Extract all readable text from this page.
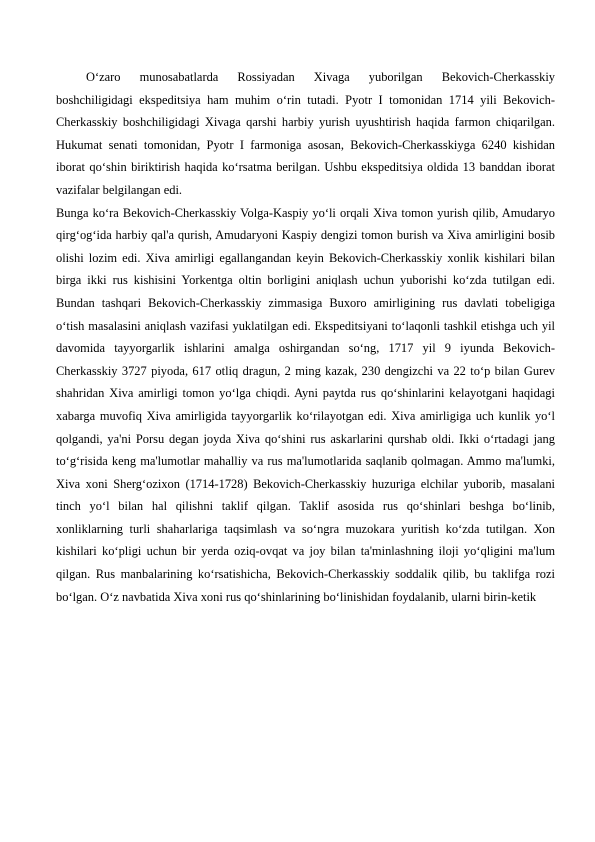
O‘zaro munosabatlarda Rossiyadan Xivaga yuborilgan Bekovich-Cherkasskiy boshchiligidagi ekspeditsiya ham muhim o‘rin tutadi. Pyotr I tomonidan 1714 yili Bekovich-Cherkasskiy boshchiligidagi Xivaga qarshi harbiy yurish uyushtirish haqida farmon chiqarilgan. Hukumat senati tomonidan, Pyotr I farmoniga asosan, Bekovich-Cherkasskiyga 6240 kishidan iborat qo‘shin biriktirish haqida ko‘rsatma berilgan. Ushbu ekspeditsiya oldida 13 banddan iborat vazifalar belgilangan edi.

Bunga ko‘ra Bekovich-Cherkasskiy Volga-Kaspiy yo‘li orqali Xiva tomon yurish qilib, Amudaryo qirg‘og‘ida harbiy qal'a qurish, Amudaryoni Kaspiy dengizi tomon burish va Xiva amirligini bosib olishi lozim edi. Xiva amirligi egallangandan keyin Bekovich-Cherkasskiy xonlik kishilari bilan birga ikki rus kishisini Yorkentga oltin borligini aniqlash uchun yuborishi ko‘zda tutilgan edi. Bundan tashqari Bekovich-Cherkasskiy zimmasiga Buxoro amirligining rus davlati tobeligiga o‘tish masalasini aniqlash vazifasi yuklatilgan edi. Ekspeditsiyani to‘laqonli tashkil etishga uch yil davomida tayyorgarlik ishlarini amalga oshirgandan so‘ng, 1717 yil 9 iyunda Bekovich-Cherkasskiy 3727 piyoda, 617 otliq dragun, 2 ming kazak, 230 dengizchi va 22 to‘p bilan Gurev shahridan Xiva amirligi tomon yo‘lga chiqdi. Ayni paytda rus qo‘shinlarini kelayotgani haqidagi xabarga muvofiq Xiva amirligida tayyorgarlik ko‘rilayotgan edi. Xiva amirligiga uch kunlik yo‘l qolgandi, ya'ni Porsu degan joyda Xiva qo‘shini rus askarlarini qurshab oldi. Ikki o‘rtadagi jang to‘g‘risida keng ma'lumotlar mahalliy va rus ma'lumotlarida saqlanib qolmagan. Ammo ma'lumki, Xiva xoni Sherg‘ozixon (1714-1728) Bekovich-Cherkasskiy huzuriga elchilar yuborib, masalani tinch yo‘l bilan hal qilishni taklif qilgan. Taklif asosida rus qo‘shinlari beshga bo‘linib, xonliklarning turli shaharlariga taqsimlash va so‘ngra muzokara yuritish ko‘zda tutilgan. Xon kishilari ko‘pligi uchun bir yerda oziq-ovqat va joy bilan ta'minlashning iloji yo‘qligini ma'lum qilgan. Rus manbalarining ko‘rsatishicha, Bekovich-Cherkasskiy soddalik qilib, bu taklifga rozi bo‘lgan. O‘z navbatida Xiva xoni rus qo‘shinlarining bo‘linishidan foydalanib, ularni birin-ketik
